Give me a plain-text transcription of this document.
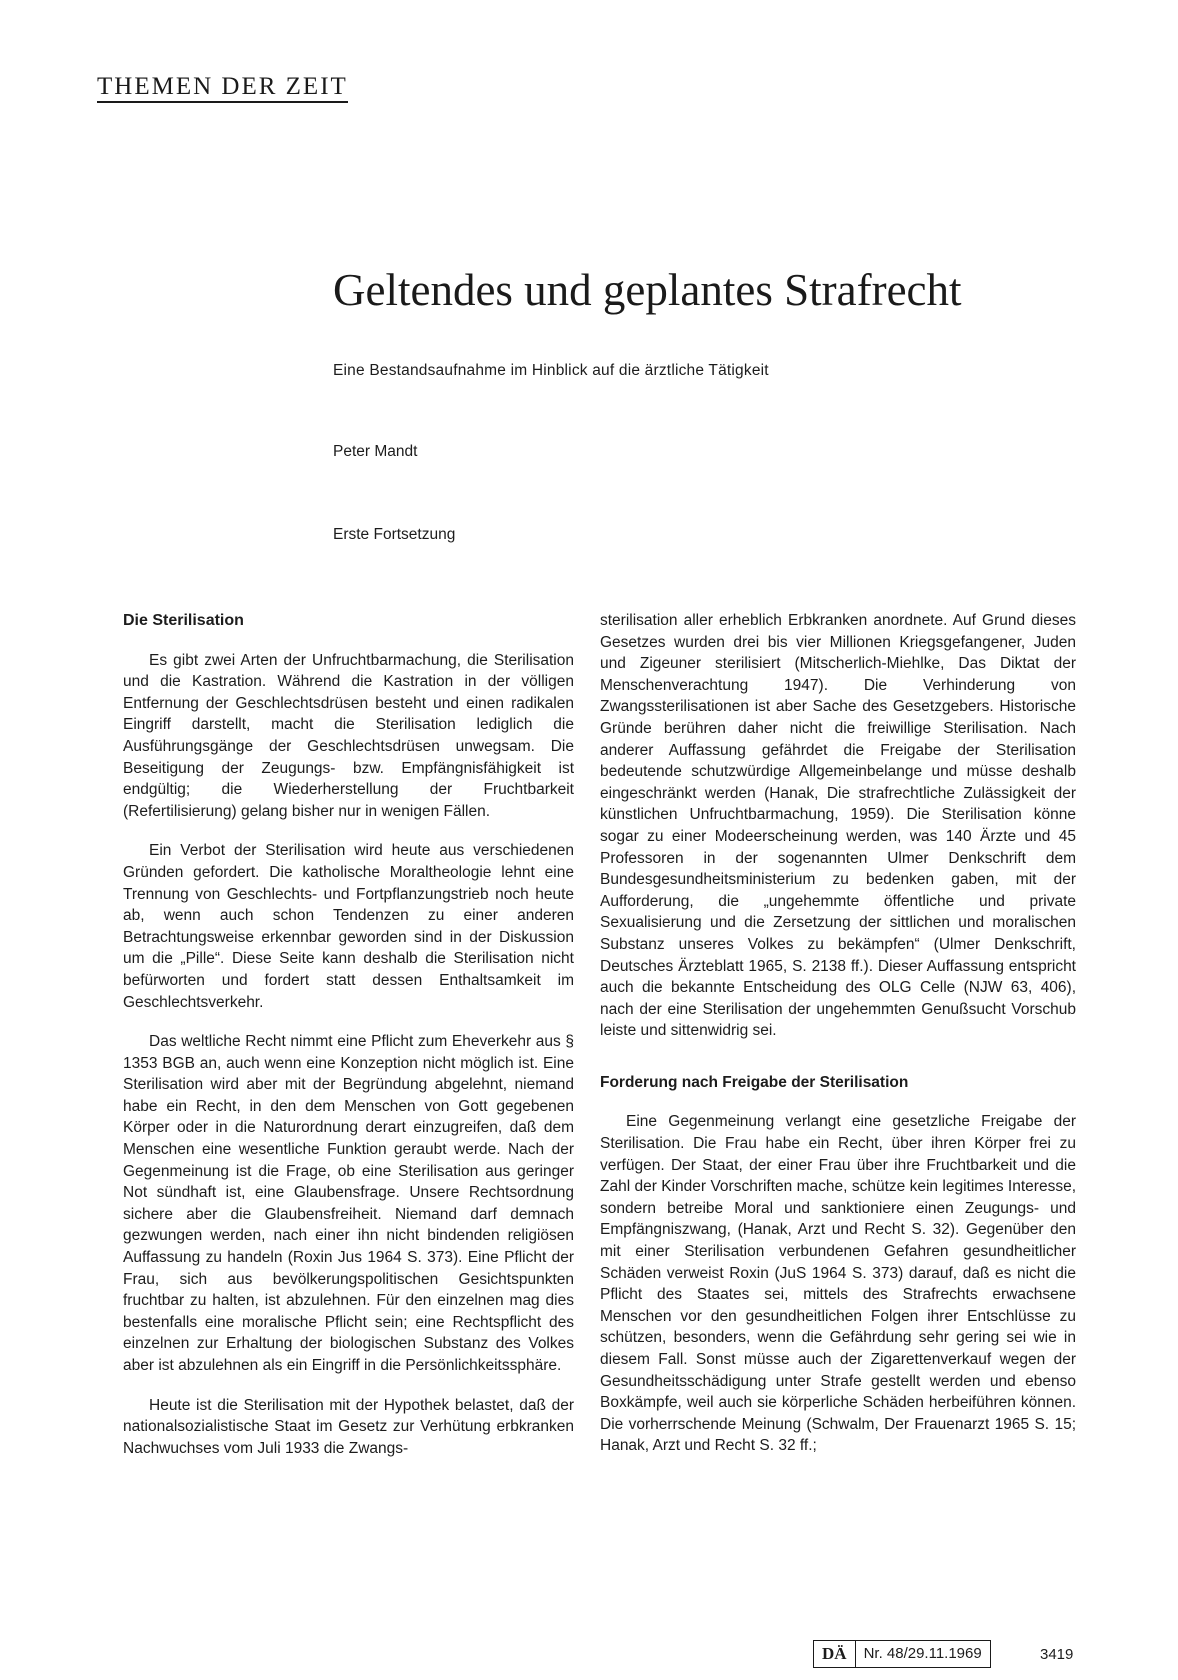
THEMEN DER ZEIT
Geltendes und geplantes Strafrecht
Eine Bestandsaufnahme im Hinblick auf die ärztliche Tätigkeit
Peter Mandt
Erste Fortsetzung
Die Sterilisation

Es gibt zwei Arten der Unfruchtbarmachung, die Sterilisation und die Kastration. Während die Kastration in der völligen Entfernung der Geschlechtsdrüsen besteht und einen radikalen Eingriff darstellt, macht die Sterilisation lediglich die Ausführungsgänge der Geschlechtsdrüsen unwegsam. Die Beseitigung der Zeugungs- bzw. Empfängnisfähigkeit ist endgültig; die Wiederherstellung der Fruchtbarkeit (Refertilisierung) gelang bisher nur in wenigen Fällen.

Ein Verbot der Sterilisation wird heute aus verschiedenen Gründen gefordert. Die katholische Moraltheologie lehnt eine Trennung von Geschlechts- und Fortpflanzungstrieb noch heute ab, wenn auch schon Tendenzen zu einer anderen Betrachtungsweise erkennbar geworden sind in der Diskussion um die „Pille“. Diese Seite kann deshalb die Sterilisation nicht befürworten und fordert statt dessen Enthaltsamkeit im Geschlechtsverkehr.

Das weltliche Recht nimmt eine Pflicht zum Eheverkehr aus § 1353 BGB an, auch wenn eine Konzeption nicht möglich ist. Eine Sterilisation wird aber mit der Begründung abgelehnt, niemand habe ein Recht, in den dem Menschen von Gott gegebenen Körper oder in die Naturordnung derart einzugreifen, daß dem Menschen eine wesentliche Funktion geraubt werde. Nach der Gegenmeinung ist die Frage, ob eine Sterilisation aus geringer Not sündhaft ist, eine Glaubensfrage. Unsere Rechtsordnung sichere aber die Glaubensfreiheit. Niemand darf demnach gezwungen werden, nach einer ihn nicht bindenden religiösen Auffassung zu handeln (Roxin Jus 1964 S. 373). Eine Pflicht der Frau, sich aus bevölkerungspolitischen Gesichtspunkten fruchtbar zu halten, ist abzulehnen. Für den einzelnen mag dies bestenfalls eine moralische Pflicht sein; eine Rechtspflicht des einzelnen zur Erhaltung der biologischen Substanz des Volkes aber ist abzulehnen als ein Eingriff in die Persönlichkeitssphäre.

Heute ist die Sterilisation mit der Hypothek belastet, daß der nationalsozialistische Staat im Gesetz zur Verhütung erbkranken Nachwuchses vom Juli 1933 die Zwangs-

sterilisation aller erheblich Erbkranken anordnete. Auf Grund dieses Gesetzes wurden drei bis vier Millionen Kriegsgefangener, Juden und Zigeuner sterilisiert (Mitscherlich-Miehlke, Das Diktat der Menschenverachtung 1947). Die Verhinderung von Zwangssterilisationen ist aber Sache des Gesetzgebers. Historische Gründe berühren daher nicht die freiwillige Sterilisation. Nach anderer Auffassung gefährdet die Freigabe der Sterilisation bedeutende schutzwürdige Allgemeinbelange und müsse deshalb eingeschränkt werden (Hanak, Die strafrechtliche Zulässigkeit der künstlichen Unfruchtbarmachung, 1959). Die Sterilisation könne sogar zu einer Modeerscheinung werden, was 140 Ärzte und 45 Professoren in der sogenannten Ulmer Denkschrift dem Bundesgesundheitsministerium zu bedenken gaben, mit der Aufforderung, die „ungehemmte öffentliche und private Sexualisierung und die Zersetzung der sittlichen und moralischen Substanz unseres Volkes zu bekämpfen“ (Ulmer Denkschrift, Deutsches Ärzteblatt 1965, S. 2138 ff.). Dieser Auffassung entspricht auch die bekannte Entscheidung des OLG Celle (NJW 63, 406), nach der eine Sterilisation der ungehemmten Genußsucht Vorschub leiste und sittenwidrig sei.

Forderung nach Freigabe der Sterilisation

Eine Gegenmeinung verlangt eine gesetzliche Freigabe der Sterilisation. Die Frau habe ein Recht, über ihren Körper frei zu verfügen. Der Staat, der einer Frau über ihre Fruchtbarkeit und die Zahl der Kinder Vorschriften mache, schütze kein legitimes Interesse, sondern betreibe Moral und sanktioniere einen Zeugungs- und Empfängniszwang, (Hanak, Arzt und Recht S. 32). Gegenüber den mit einer Sterilisation verbundenen Gefahren gesundheitlicher Schäden verweist Roxin (JuS 1964 S. 373) darauf, daß es nicht die Pflicht des Staates sei, mittels des Strafrechts erwachsene Menschen vor den gesundheitlichen Folgen ihrer Entschlüsse zu schützen, besonders, wenn die Gefährdung sehr gering sei wie in diesem Fall. Sonst müsse auch der Zigarettenverkauf wegen der Gesundheitsschädigung unter Strafe gestellt werden und ebenso Boxkämpfe, weil auch sie körperliche Schäden herbeiführen können. Die vorherrschende Meinung (Schwalm, Der Frauenarzt 1965 S. 15; Hanak, Arzt und Recht S. 32 ff.;

DÄ	Nr. 48/29.11.1969	3419
